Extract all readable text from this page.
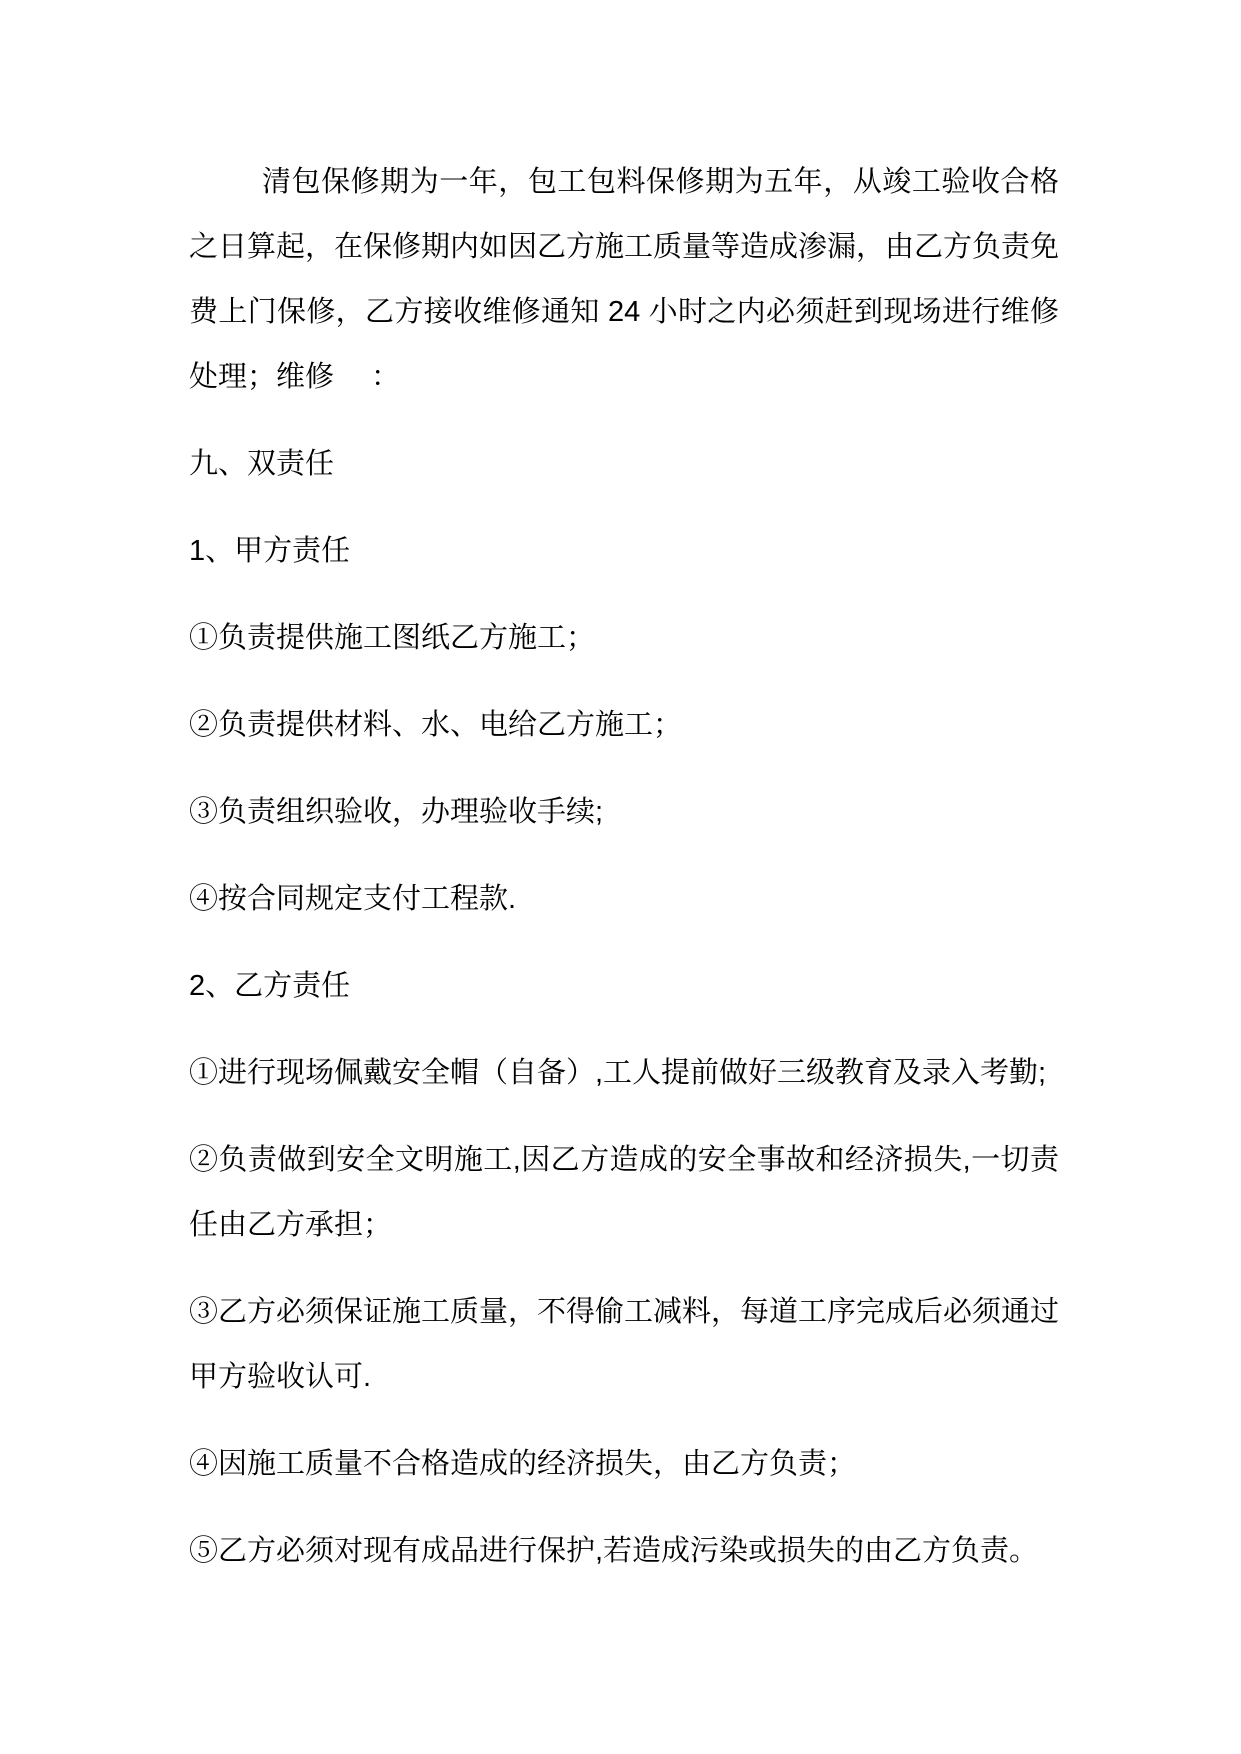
清包保修期为一年，包工包料保修期为五年，从竣工验收合格
之日算起，在保修期内如因乙方施工质量等造成渗漏，由乙方负责免
费上门保修，乙方接收维修通知 24 小时之内必须赶到现场进行维修
处理；维修　 ：
九、双责任
1、甲方责任
①负责提供施工图纸乙方施工；
②负责提供材料、水、电给乙方施工；
③负责组织验收，办理验收手续;
④按合同规定支付工程款.
2、乙方责任
①进行现场佩戴安全帽（自备）,工人提前做好三级教育及录入考勤;
②负责做到安全文明施工,因乙方造成的安全事故和经济损失,一切责
任由乙方承担；
③乙方必须保证施工质量，不得偷工减料，每道工序完成后必须通过
甲方验收认可.
④因施工质量不合格造成的经济损失，由乙方负责；
⑤乙方必须对现有成品进行保护,若造成污染或损失的由乙方负责。
